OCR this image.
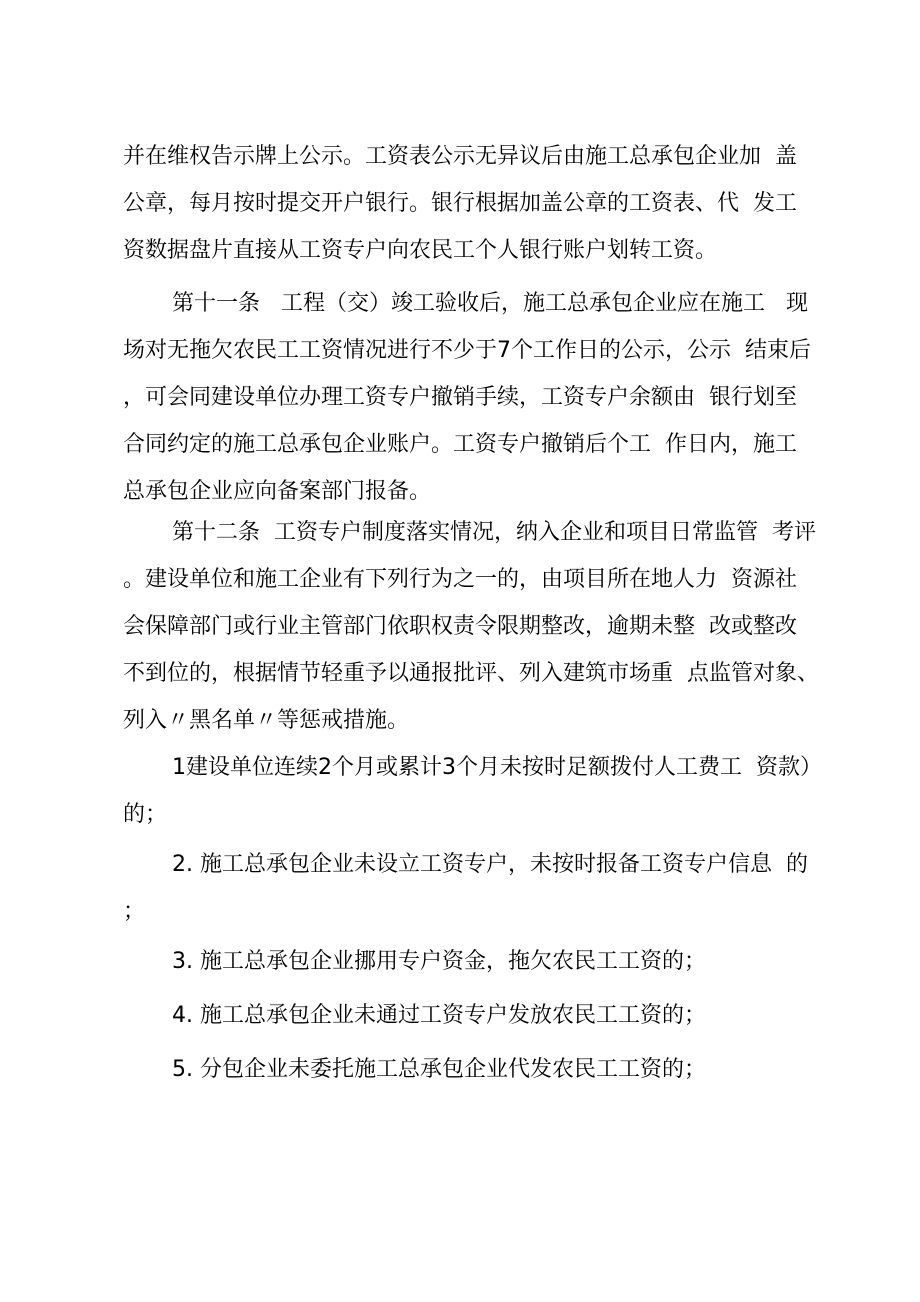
并在维权告示牌上公示。工资表公示无异议后由施工总承包企业加  盖
公章，每月按时提交开户银行。银行根据加盖公章的工资表、代  发工
资数据盘片直接从工资专户向农民工个人银行账户划转工资。
第十一条   工程（交）竣工验收后，施工总承包企业应在施工   现
场对无拖欠农民工工资情况进行不少于7个工作日的公示，公示  结束后
，可会同建设单位办理工资专户撤销手续，工资专户余额由  银行划至
合同约定的施工总承包企业账户。工资专户撤销后个工  作日内，施工
总承包企业应向备案部门报备。
第十二条  工资专户制度落实情况，纳入企业和项目日常监管  考评
。建设单位和施工企业有下列行为之一的，由项目所在地人力  资源社
会保障部门或行业主管部门依职权责令限期整改，逾期未整  改或整改
不到位的，根据情节轻重予以通报批评、列入建筑市场重  点监管对象、
列入〃黑名单〃等惩戒措施。
1建设单位连续2个月或累计3个月未按时足额拨付人工费工  资款）
的；
2. 施工总承包企业未设立工资专户，未按时报备工资专户信息  的
；
3. 施工总承包企业挪用专户资金，拖欠农民工工资的；
4. 施工总承包企业未通过工资专户发放农民工工资的；
5. 分包企业未委托施工总承包企业代发农民工工资的；
